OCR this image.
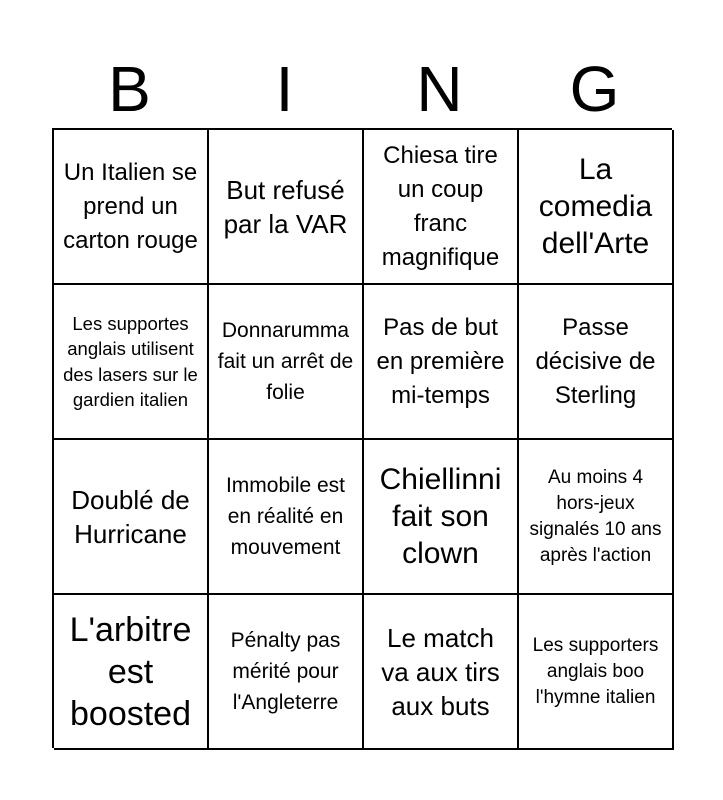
B	I	N	G
Un Italien se prend un carton rouge
But refusé par la VAR
Chiesa tire un coup franc magnifique
La comedia dell'Arte
Les supportes anglais utilisent des lasers sur le gardien italien
Donnarumma fait un arrêt de folie
Pas de but en première mi-temps
Passe décisive de Sterling
Doublé de Hurricane
Immobile est en réalité en mouvement
Chiellinni fait son clown
Au moins 4 hors-jeux signalés 10 ans après l'action
L'arbitre est boosted
Pénalty pas mérité pour l'Angleterre
Le match va aux tirs aux buts
Les supporters anglais boo l'hymne italien
